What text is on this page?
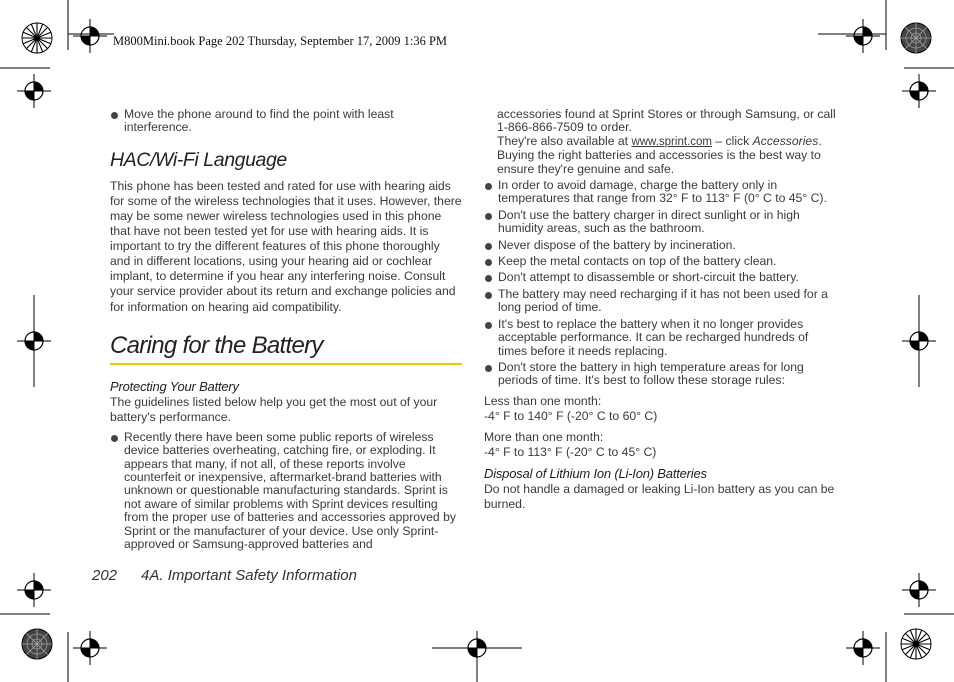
M800Mini.book Page 202 Thursday, September 17, 2009 1:36 PM
Move the phone around to find the point with least interference.
HAC/Wi-Fi Language
This phone has been tested and rated for use with hearing aids for some of the wireless technologies that it uses. However, there may be some newer wireless technologies used in this phone that have not been tested yet for use with hearing aids. It is important to try the different features of this phone thoroughly and in different locations, using your hearing aid or cochlear implant, to determine if you hear any interfering noise. Consult your service provider about its return and exchange policies and for information on hearing aid compatibility.
Caring for the Battery
Protecting Your Battery
The guidelines listed below help you get the most out of your battery's performance.
Recently there have been some public reports of wireless device batteries overheating, catching fire, or exploding. It appears that many, if not all, of these reports involve counterfeit or inexpensive, aftermarket-brand batteries with unknown or questionable manufacturing standards. Sprint is not aware of similar problems with Sprint devices resulting from the proper use of batteries and accessories approved by Sprint or the manufacturer of your device. Use only Sprint-approved or Samsung-approved batteries and
accessories found at Sprint Stores or through Samsung, or call 1-866-866-7509 to order.
They're also available at www.sprint.com – click Accessories. Buying the right batteries and accessories is the best way to ensure they're genuine and safe.
In order to avoid damage, charge the battery only in temperatures that range from 32° F to 113° F (0° C to 45° C).
Don't use the battery charger in direct sunlight or in high humidity areas, such as the bathroom.
Never dispose of the battery by incineration.
Keep the metal contacts on top of the battery clean.
Don't attempt to disassemble or short-circuit the battery.
The battery may need recharging if it has not been used for a long period of time.
It's best to replace the battery when it no longer provides acceptable performance. It can be recharged hundreds of times before it needs replacing.
Don't store the battery in high temperature areas for long periods of time. It's best to follow these storage rules:
Less than one month:
-4° F to 140° F (-20° C to 60° C)
More than one month:
-4° F to 113° F (-20° C to 45° C)
Disposal of Lithium Ion (Li-Ion) Batteries
Do not handle a damaged or leaking Li-Ion battery as you can be burned.
202 4A. Important Safety Information
